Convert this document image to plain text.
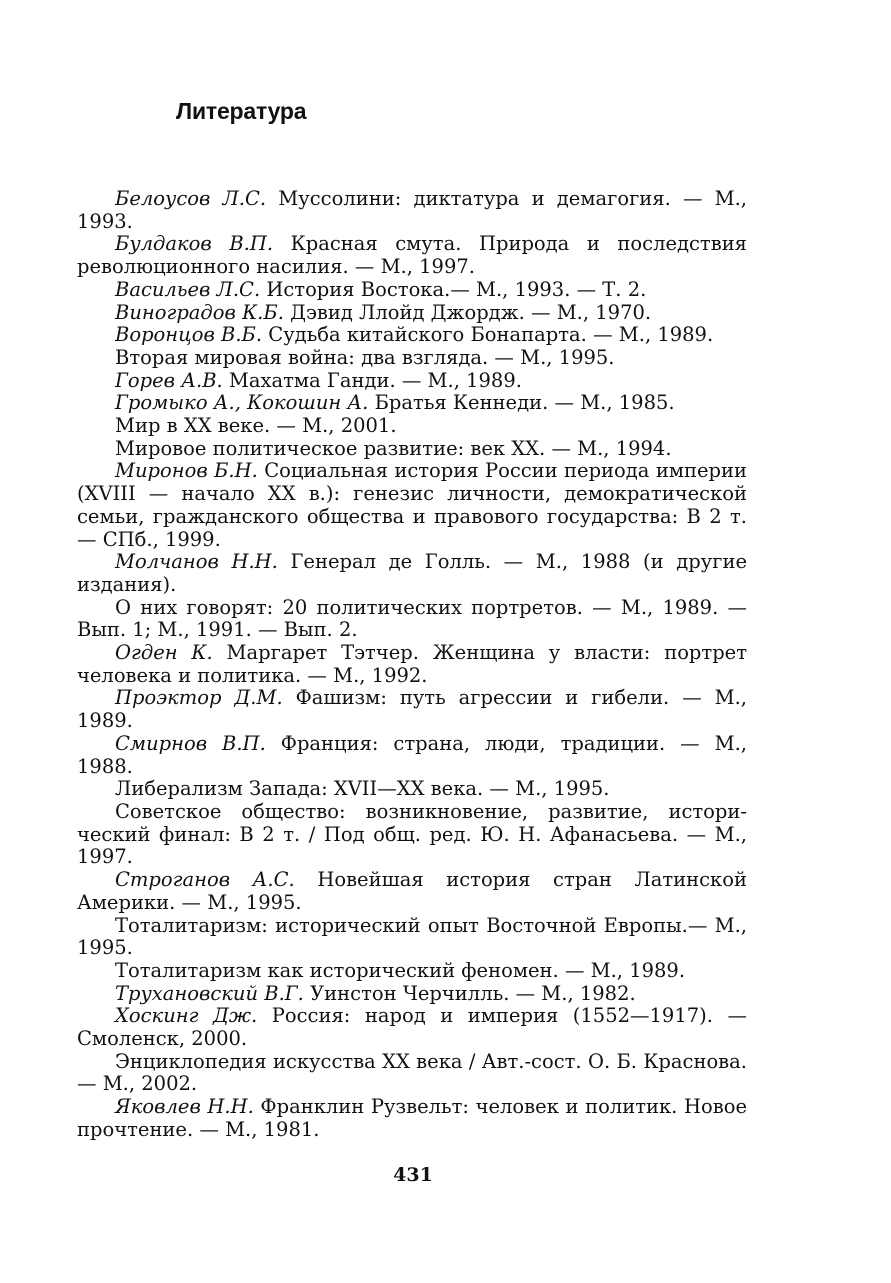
Литература

Белоусов Л.С. Муссолини: диктатура и демагогия. — М., 1993.

Булдаков В.П. Красная смута. Природа и последствия революционного насилия. — М., 1997.

Васильев Л.С. История Востока.— М., 1993. — Т. 2.

Виноградов К.Б. Дэвид Ллойд Джордж. — М., 1970.

Воронцов В.Б. Судьба китайского Бонапарта. — М., 1989.

Вторая мировая война: два взгляда. — М., 1995.

Горев А.В. Махатма Ганди. — М., 1989.

Громыко А., Кокошин А. Братья Кеннеди. — М., 1985.

Мир в XX веке. — М., 2001.

Мировое политическое развитие: век XX. — М., 1994.

Миронов Б.Н. Социальная история России периода империи (XVIII — начало XX в.): генезис личности, демократической семьи, гражданского общества и правового государства: В 2 т. — СПб., 1999.

Молчанов Н.Н. Генерал де Голль. — М., 1988 (и другие издания).

О них говорят: 20 политических портретов. — М., 1989. — Вып. 1; М., 1991. — Вып. 2.

Огден К. Маргарет Тэтчер. Женщина у власти: портрет человека и политика. — М., 1992.

Проэктор Д.М. Фашизм: путь агрессии и гибели. — М., 1989.

Смирнов В.П. Франция: страна, люди, традиции. — М., 1988.

Либерализм Запада: XVII—XX века. — М., 1995.

Советское общество: возникновение, развитие, исторический финал: В 2 т. / Под общ. ред. Ю. Н. Афанасьева. — М., 1997.

Строганов А.С. Новейшая история стран Латинской Америки. — М., 1995.

Тоталитаризм: исторический опыт Восточной Европы.— М., 1995.

Тоталитаризм как исторический феномен. — М., 1989.

Трухановский В.Г. Уинстон Черчилль. — М., 1982.

Хоскинг Дж. Россия: народ и империя (1552—1917). — Смоленск, 2000.

Энциклопедия искусства XX века / Авт.-сост. О. Б. Краснова. — М., 2002.

Яковлев Н.Н. Франклин Рузвельт: человек и политик. Новое прочтение. — М., 1981.

431
